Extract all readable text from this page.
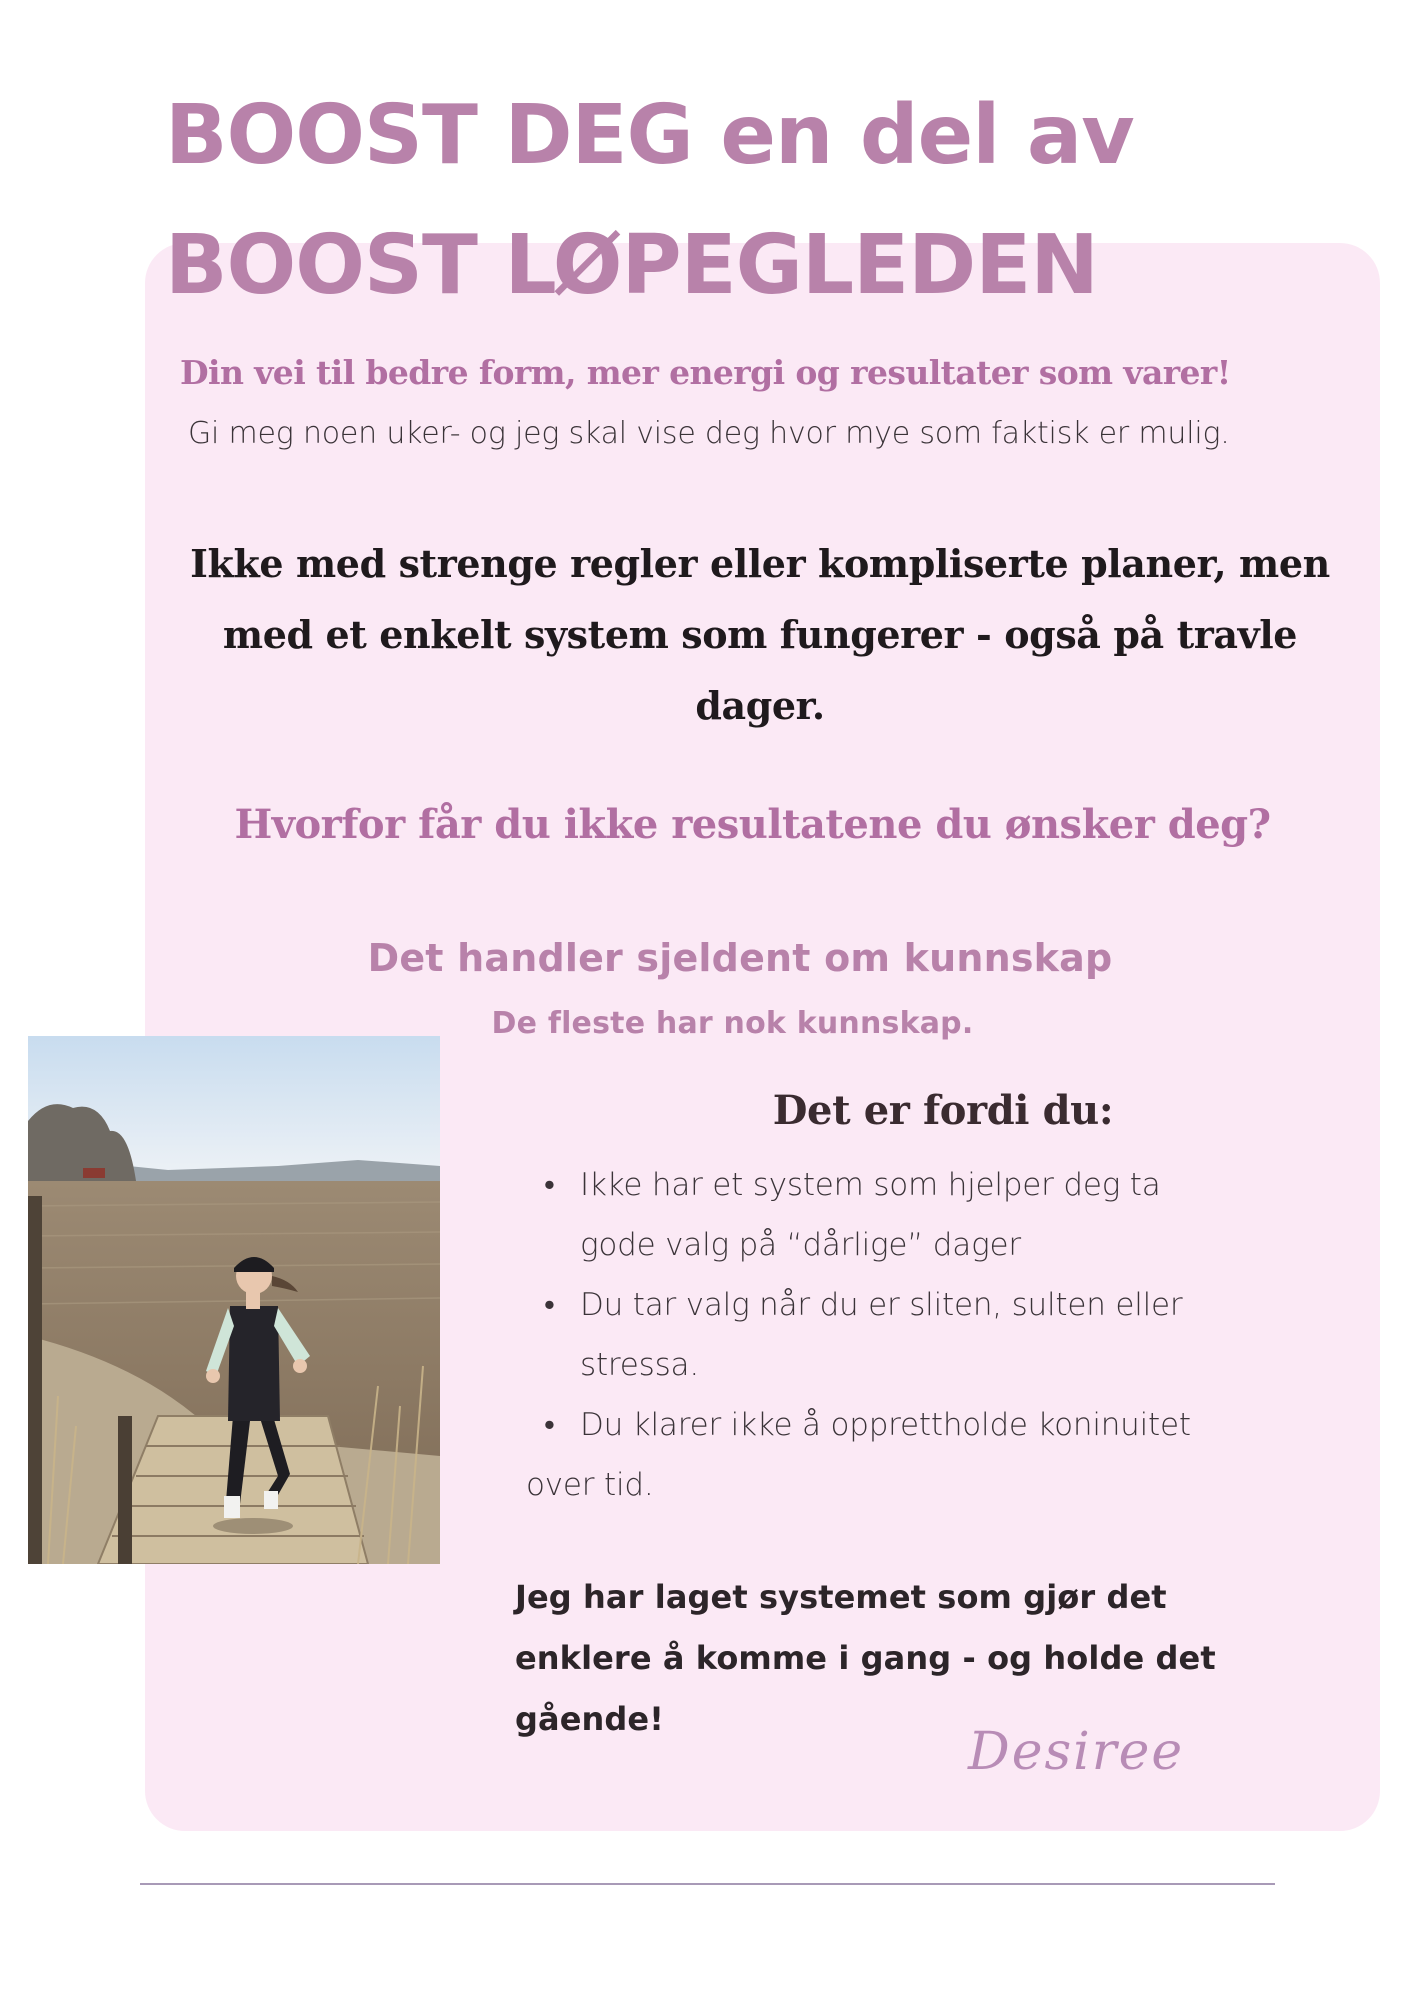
BOOST DEG en del av
BOOST LØPEGLEDEN

Din vei til bedre form, mer energi og resultater som varer!

Gi meg noen uker- og jeg skal vise deg hvor mye som faktisk er mulig.

Ikke med strenge regler eller kompliserte planer, men med et enkelt system som fungerer - også på travle dager.

Hvorfor får du ikke resultatene du ønsker deg?
Det handler sjeldent om kunnskap

De fleste har nok kunnskap.

Det er fordi du:
• Ikke har et system som hjelper deg ta
gode valg på “dårlige” dager
• Du tar valg når du er sliten, sulten eller
stressa.
• Du klarer ikke å opprettholde koninuitet
over tid.

Jeg har laget systemet som gjør det enklere å komme i gang - og holde det gående!

Desiree
